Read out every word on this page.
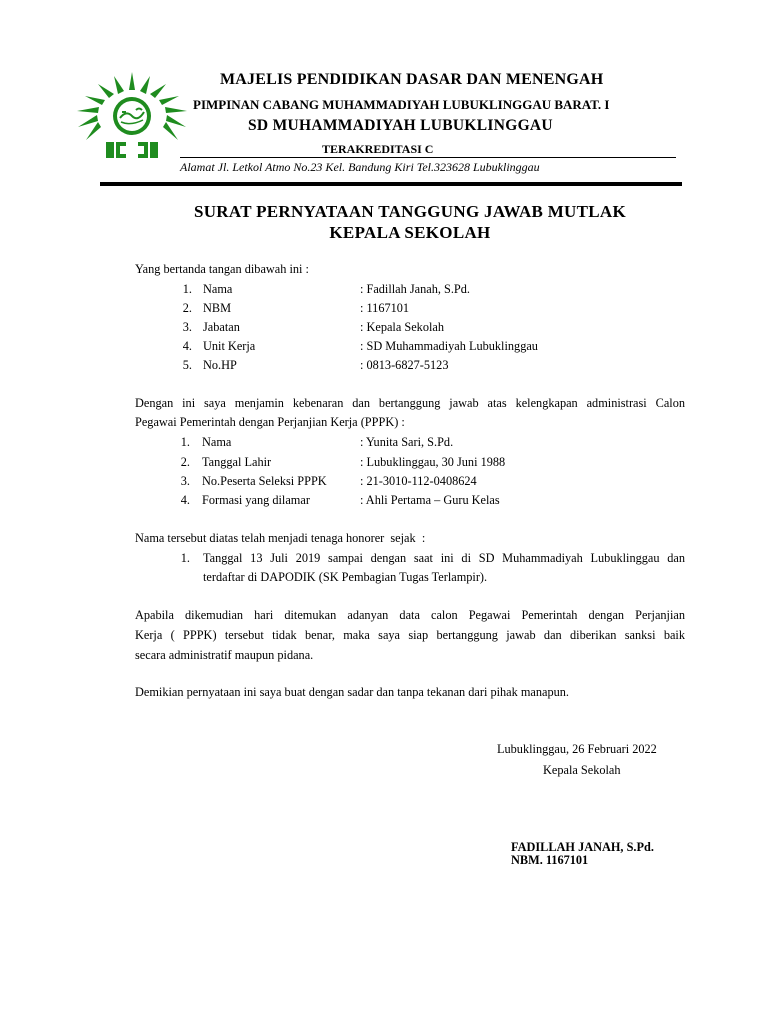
MAJELIS PENDIDIKAN DASAR DAN MENENGAH
PIMPINAN CABANG MUHAMMADIYAH LUBUKLINGGAU BARAT. I
SD MUHAMMADIYAH LUBUKLINGGAU
TERAKREDITASI C
Alamat Jl. Letkol Atmo No.23 Kel. Bandung Kiri Tel.323628 Lubuklinggau
SURAT PERNYATAAN TANGGUNG JAWAB MUTLAK
KEPALA SEKOLAH
Yang bertanda tangan dibawah ini :
1. Nama	: Fadillah Janah, S.Pd.
2. NBM	: 1167101
3. Jabatan	: Kepala Sekolah
4. Unit Kerja	: SD Muhammadiyah Lubuklinggau
5. No.HP	: 0813-6827-5123
Dengan ini saya menjamin kebenaran dan bertanggung jawab atas kelengkapan administrasi Calon
Pegawai Pemerintah dengan Perjanjian Kerja (PPPK) :
1. Nama	: Yunita Sari, S.Pd.
2. Tanggal Lahir	: Lubuklinggau, 30 Juni 1988
3. No.Peserta Seleksi PPPK	: 21-3010-112-0408624
4. Formasi yang dilamar	: Ahli Pertama – Guru Kelas
Nama tersebut diatas telah menjadi tenaga honorer  sejak  :
1. Tanggal 13 Juli 2019 sampai dengan saat ini di SD Muhammadiyah Lubuklinggau dan
terdaftar di DAPODIK (SK Pembagian Tugas Terlampir).
Apabila dikemudian hari ditemukan adanyan data calon Pegawai Pemerintah dengan Perjanjian
Kerja ( PPPK) tersebut tidak benar, maka saya siap bertanggung jawab dan diberikan sanksi baik
secara administratif maupun pidana.
Demikian pernyataan ini saya buat dengan sadar dan tanpa tekanan dari pihak manapun.
Lubuklinggau, 26 Februari 2022
Kepala Sekolah
FADILLAH JANAH, S.Pd.
NBM. 1167101
